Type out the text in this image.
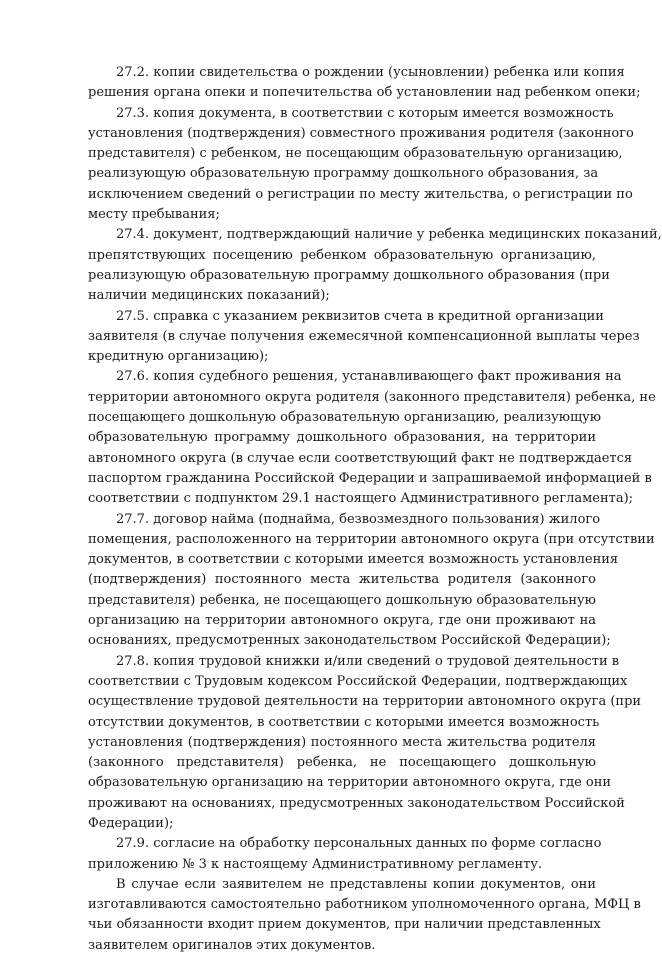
27.2. копии свидетельства о рождении (усыновлении) ребенка или копия
решения органа опеки и попечительства об установлении над ребенком опеки;
27.3. копия документа, в соответствии с которым имеется возможность
установления (подтверждения) совместного проживания родителя (законного
представителя) с ребенком, не посещающим образовательную организацию,
реализующую образовательную программу дошкольного образования, за
исключением сведений о регистрации по месту жительства, о регистрации по
месту пребывания;
27.4. документ, подтверждающий наличие у ребенка медицинских показаний,
препятствующих посещению ребенком образовательную организацию,
реализующую образовательную программу дошкольного образования (при
наличии медицинских показаний);
27.5. справка с указанием реквизитов счета в кредитной организации
заявителя (в случае получения ежемесячной компенсационной выплаты через
кредитную организацию);
27.6. копия судебного решения, устанавливающего факт проживания на
территории автономного округа родителя (законного представителя) ребенка, не
посещающего дошкольную образовательную организацию, реализующую
образовательную программу дошкольного образования, на территории
автономного округа (в случае если соответствующий факт не подтверждается
паспортом гражданина Российской Федерации и запрашиваемой информацией в
соответствии с подпунктом 29.1 настоящего Административного регламента);
27.7. договор найма (поднайма, безвозмездного пользования) жилого
помещения, расположенного на территории автономного округа (при отсутствии
документов, в соответствии с которыми имеется возможность установления
(подтверждения) постоянного места жительства родителя (законного
представителя) ребенка, не посещающего дошкольную образовательную
организацию на территории автономного округа, где они проживают на
основаниях, предусмотренных законодательством Российской Федерации);
27.8. копия трудовой книжки и/или сведений о трудовой деятельности в
соответствии с Трудовым кодексом Российской Федерации, подтверждающих
осуществление трудовой деятельности на территории автономного округа (при
отсутствии документов, в соответствии с которыми имеется возможность
установления (подтверждения) постоянного места жительства родителя
(законного представителя) ребенка, не посещающего дошкольную
образовательную организацию на территории автономного округа, где они
проживают на основаниях, предусмотренных законодательством Российской
Федерации);
27.9. согласие на обработку персональных данных по форме согласно
приложению № 3 к настоящему Административному регламенту.
В случае если заявителем не представлены копии документов, они
изготавливаются самостоятельно работником уполномоченного органа, МФЦ в
чьи обязанности входит прием документов, при наличии представленных
заявителем оригиналов этих документов.
